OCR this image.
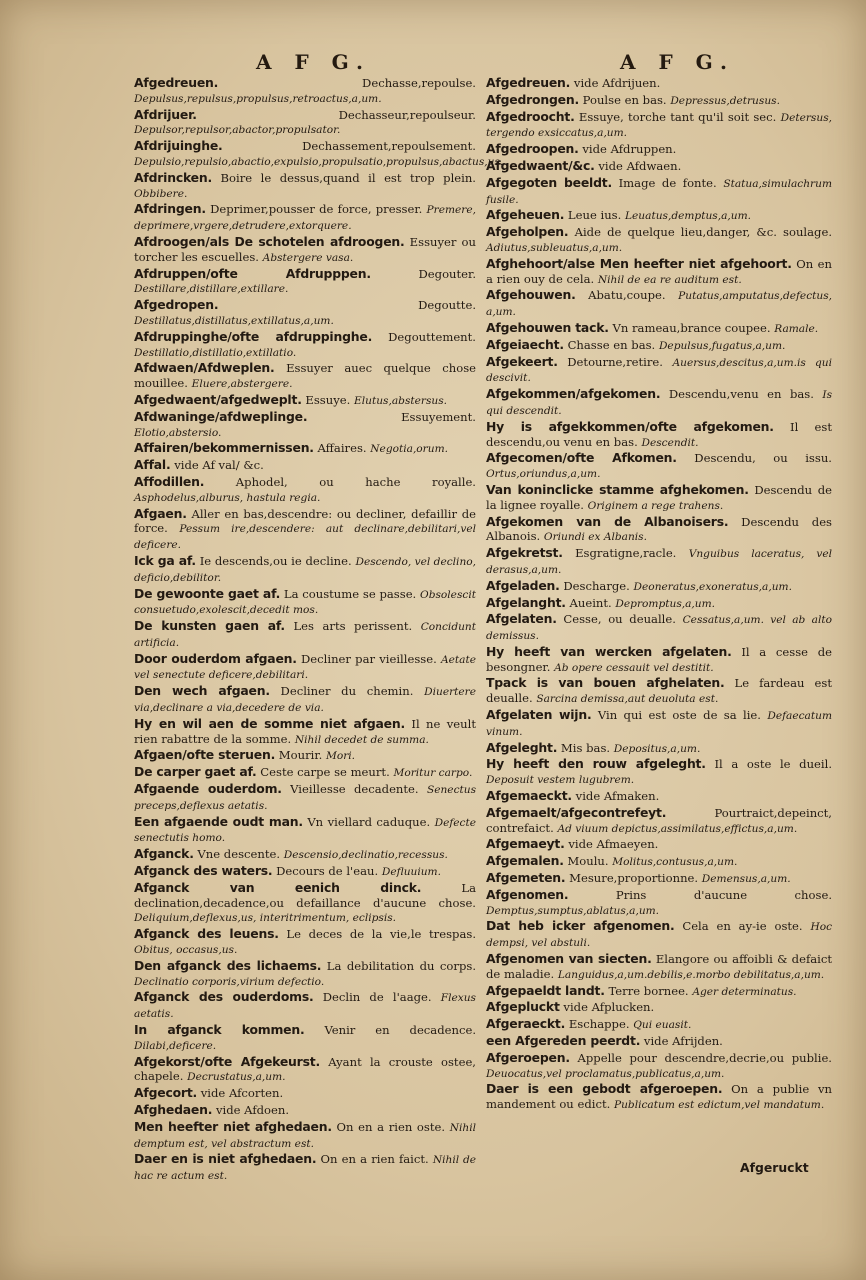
A F G.	A F G.
Afgedreuen.	Dechasse,repoulse. Depulsus,repulsus,propulsus,retroactus,a,um.
Afdrijuer.	Dechasseur,repoulseur. Depulsor,repulsor,abactor,propulsator.
Afdrijuinghe.	Dechassement,repoulsement. Depulsio,repulsio,abactio,expulsio,propulsatio,propulsus,abactus,us.
Afdrincken. Boire le dessus,quand il est trop plein. Obbibere.
Afdringen. Deprimer,pousser de force, presser. Premere, deprimere,vrgere,detrudere,extorquere.
Afdroogen/als De schotelen afdroogen. Essuyer ou torcher les escuelles. Abstergere vasa.
Afdruppen/ofte Afdrupppen.	Degouter. Destillare,distillare,extillare.
Afgedropen.	Degoutte. Destillatus,distillatus,extillatus,a,um.
Afdruppinghe/ofte afdruppinghe. Degouttement. Destillatio,distillatio,extillatio.
Afdwaen/Afdweplen. Essuyer auec quelque chose mouillee. Eluere,abstergere.
Afgedwaent/afgedweplt. Essuye. Elutus,abstersus.
Afdwaninge/afdweplinge.	Essuyement. Elotio,abstersio.
Affairen/bekommernissen. Affaires. Negotia,orum.
Affal. vide Af val/ &c.
Affodillen.	Aphodel, ou hache royalle. Asphodelus,alburus, hastula regia.
Afgaen. Aller en bas,descendre: ou decliner, defaillir de force. Pessum ire,descendere: aut declinare,debilitari,vel deficere.
Ick ga af. Ie descends,ou ie decline. Descendo, vel declino, deficio,debilitor.
De gewoonte gaet af. La coustume se passe. Obsolescit consuetudo,exolescit,decedit mos.
De kunsten gaen af. Les arts perissent. Concidunt artificia.
Door ouderdom afgaen. Decliner par vieillesse. Aetate vel senectute deficere,debilitari.
Den wech afgaen. Decliner du chemin. Diuertere via,declinare a via,decedere de via.
Hy en wil aen de somme niet afgaen. Il ne veult rien rabattre de la somme. Nihil decedet de summa.
Afgaen/ofte steruen. Mourir. Mori.
De carper gaet af. Ceste carpe se meurt. Moritur carpo.
Afgaende ouderdom. Vieillesse decadente. Senectus preceps,deflexus aetatis.
Een afgaende oudt man. Vn viellard caduque. Defecte senectutis homo.
Afganck. Vne descente. Descensio,declinatio,recessus.
Afganck des waters. Decours de l'eau. Defluuium.
Afganck van eenich dinck.	La declination,decadence,ou defaillance d'aucune chose. Deliquium,deflexus,us, interitrimentum, eclipsis.
Afganck des leuens. Le deces de la vie,le trespas. Obitus, occasus,us.
Den afganck des lichaems. La debilitation du corps. Declinatio corporis,virium defectio.
Afganck des ouderdoms. Declin de l'aage. Flexus aetatis.
In afganck kommen. Venir en decadence. Dilabi,deficere.
Afgekorst/ofte Afgekeurst. Ayant la crouste ostee, chapele. Decrustatus,a,um.
Afgecort. vide Afcorten.
Afghedaen. vide Afdoen.
Men heefter niet afghedaen. On en a rien oste. Nihil demptum est, vel abstractum est.
Daer en is niet afghedaen. On en a rien faict. Nihil de hac re actum est.
Afgedreuen. vide Afdrijuen.
Afgedrongen. Poulse en bas. Depressus,detrusus.
Afgedroocht. Essuye, torche tant qu'il soit sec. Detersus, tergendo exsiccatus,a,um.
Afgedroopen. vide Afdruppen.
Afgedwaent/&c. vide Afdwaen.
Afgegoten beeldt. Image de fonte. Statua,simulachrum fusile.
Afgeheuen. Leue ius. Leuatus,demptus,a,um.
Afgeholpen. Aide de quelque lieu,danger, &c. soulage. Adiutus,subleuatus,a,um.
Afghehoort/alse Men heefter niet afgehoort. On en a rien ouy de cela. Nihil de ea re auditum est.
Afgehouwen. Abatu,coupe. Putatus,amputatus,defectus, a,um.
Afgehouwen tack. Vn rameau,brance coupee. Ramale.
Afgeiaecht. Chasse en bas. Depulsus,fugatus,a,um.
Afgekeert. Detourne,retire. Auersus,descitus,a,um.is qui descivit.
Afgekommen/afgekomen. Descendu,venu en bas. Is qui descendit.
Hy is afgekkommen/ofte afgekomen. Il est descendu,ou venu en bas. Descendit.
Afgecomen/ofte Afkomen. Descendu, ou issu. Ortus,oriundus,a,um.
Van koninclicke stamme afghekomen. Descendu de la lignee royalle. Originem a rege trahens.
Afgekomen van de Albanoisers. Descendu des Albanois. Oriundi ex Albanis.
Afgekretst. Esgratigne,racle. Vnguibus laceratus, vel derasus,a,um.
Afgeladen. Descharge. Deoneratus,exoneratus,a,um.
Afgelanght. Aueint. Depromptus,a,um.
Afgelaten. Cesse, ou deualle. Cessatus,a,um. vel ab alto demissus.
Hy heeft van wercken afgelaten. Il a cesse de besongner. Ab opere cessauit vel destitit.
Tpack is van bouen afghelaten. Le fardeau est deualle. Sarcina demissa,aut deuoluta est.
Afgelaten wijn. Vin qui est oste de sa lie. Defaecatum vinum.
Afgeleght. Mis bas. Depositus,a,um.
Hy heeft den rouw afgeleght. Il a oste le dueil. Deposuit vestem lugubrem.
Afgemaeckt. vide Afmaken.
Afgemaelt/afgecontrefeyt.	Pourtraict,depeinct, contrefaict. Ad viuum depictus,assimilatus,effictus,a,um.
Afgemaeyt. vide Afmaeyen.
Afgemalen. Moulu. Molitus,contusus,a,um.
Afgemeten. Mesure,proportionne. Demensus,a,um.
Afgenomen.	Prins d'aucune chose. Demptus,sumptus,ablatus,a,um.
Dat heb icker afgenomen. Cela en ay-ie oste. Hoc dempsi, vel abstuli.
Afgenomen van siecten. Elangore ou affoibli & defaict de maladie. Languidus,a,um.debilis,e.morbo debilitatus,a,um.
Afgepaeldt landt. Terre bornee. Ager determinatus.
Afgepluckt vide Afplucken.
Afgeraeckt. Eschappe. Qui euasit.
een Afgereden peerdt. vide Afrijden.
Afgeroepen. Appelle pour descendre,decrie,ou publie. Deuocatus,vel proclamatus,publicatus,a,um.
Daer is een gebodt afgeroepen. On a publie vn mandement ou edict. Publicatum est edictum,vel mandatum.
Afgeruckt
